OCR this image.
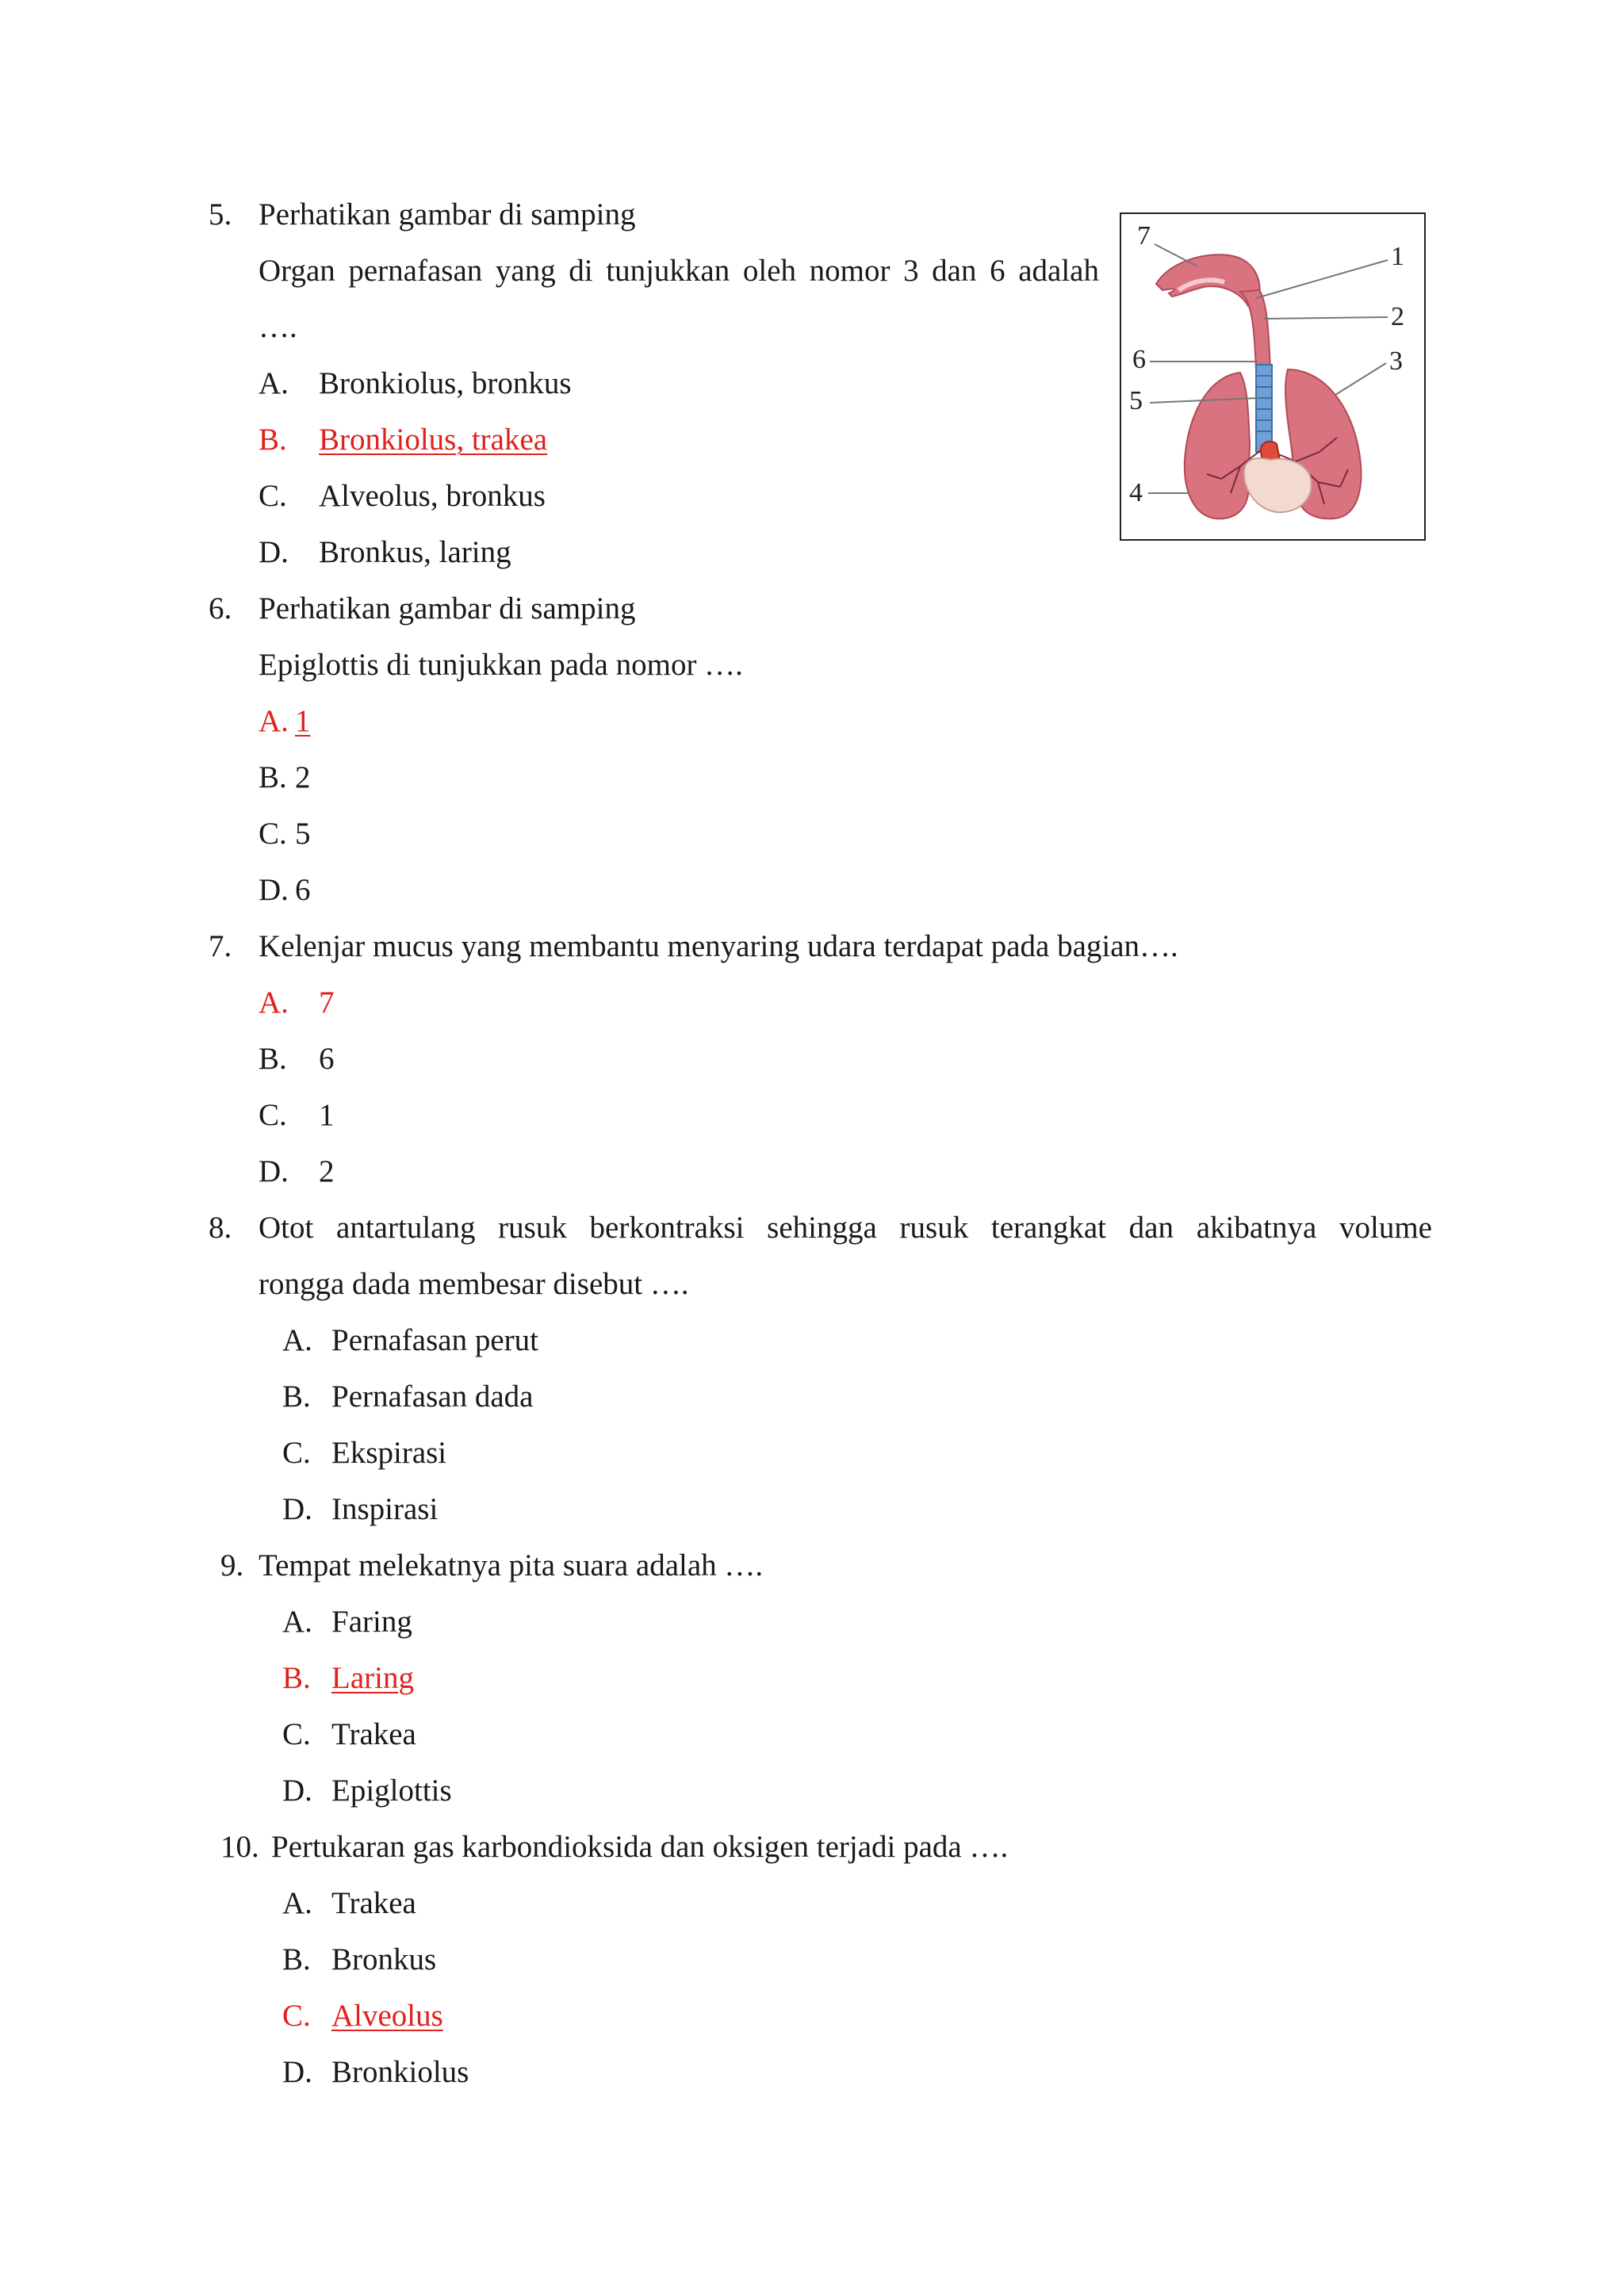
5. Perhatikan gambar di samping
Organ pernafasan yang di tunjukkan oleh nomor 3 dan 6 adalah
….
A. Bronkiolus, bronkus
B. Bronkiolus, trakea
C. Alveolus, bronkus
D. Bronkus, laring
7
1
2
3
6
5
4
6. Perhatikan gambar di samping
Epiglottis di tunjukkan pada nomor ….
A. 1
B. 2
C. 5
D. 6
7. Kelenjar mucus yang membantu menyaring udara terdapat pada bagian….
A. 7
B. 6
C. 1
D. 2
8. Otot antartulang rusuk berkontraksi sehingga rusuk terangkat dan akibatnya volume
rongga dada membesar disebut ….
A. Pernafasan perut
B. Pernafasan dada
C. Ekspirasi
D. Inspirasi
9. Tempat melekatnya pita suara adalah ….
A. Faring
B. Laring
C. Trakea
D. Epiglottis
10. Pertukaran gas karbondioksida dan oksigen terjadi pada ….
A. Trakea
B. Bronkus
C. Alveolus
D. Bronkiolus
